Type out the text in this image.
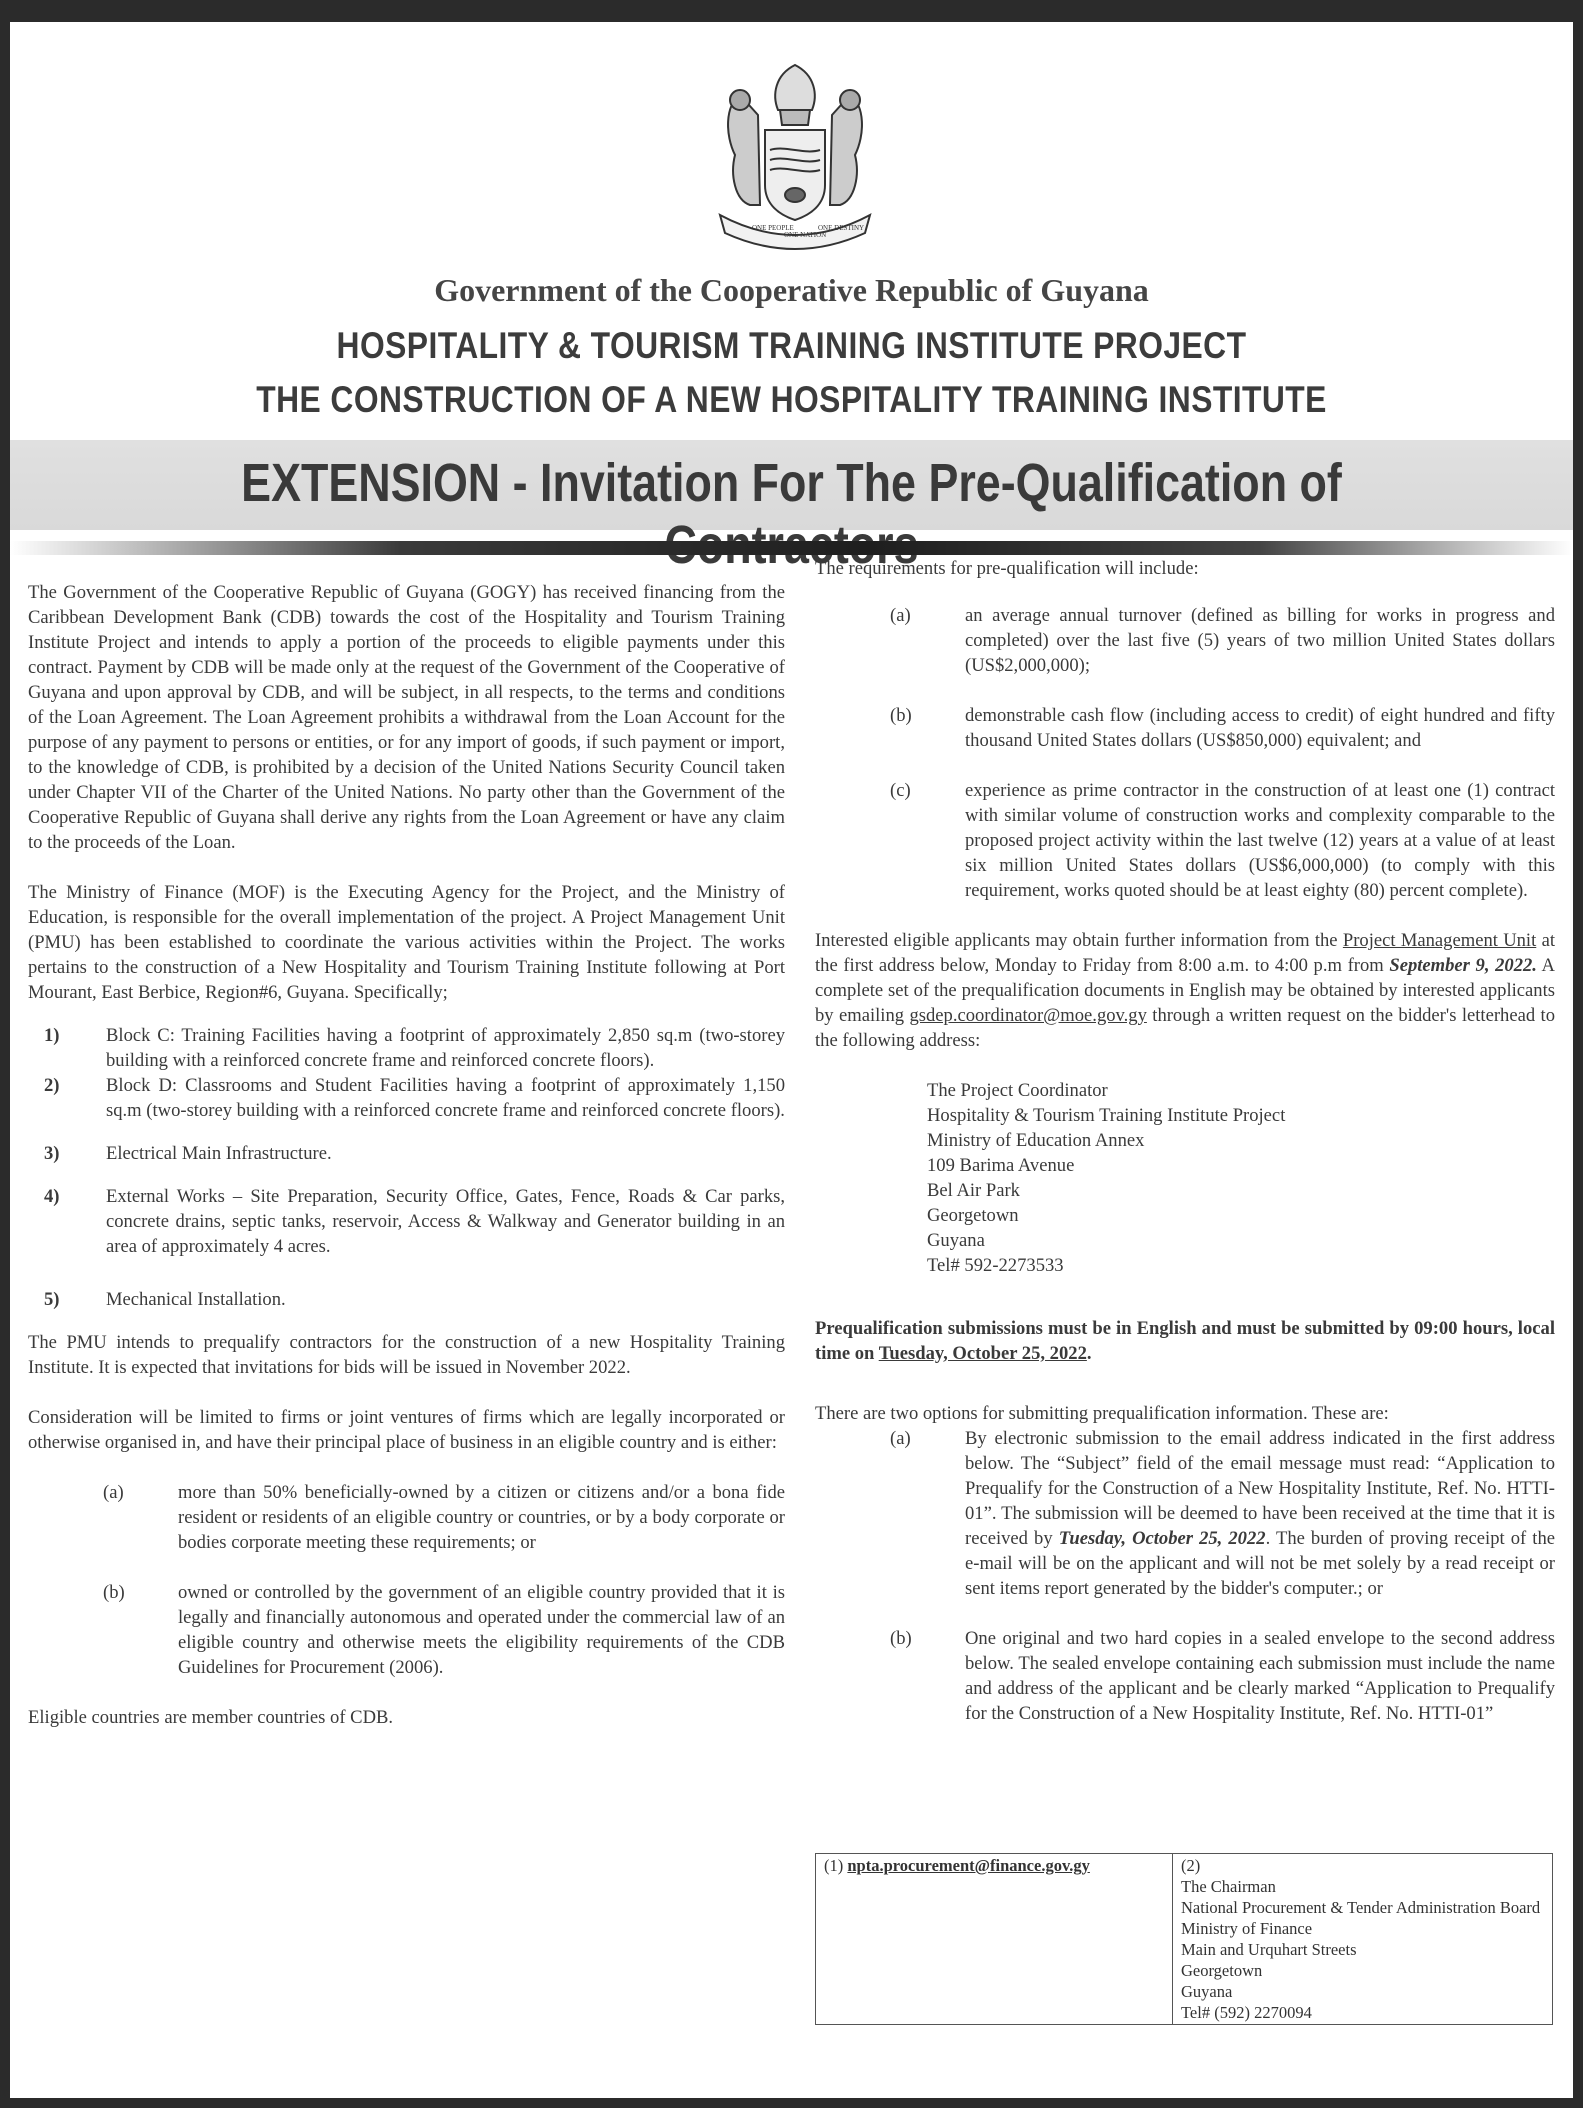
ONE PEOPLE
ONE NATION
ONE DESTINY
Government of the Cooperative Republic of Guyana
HOSPITALITY & TOURISM TRAINING INSTITUTE PROJECT
THE CONSTRUCTION OF A NEW HOSPITALITY TRAINING INSTITUTE
EXTENSION - Invitation For The Pre-Qualification of

The Government of the Cooperative Republic of Guyana (GOGY) has received financing from the Caribbean Development Bank (CDB) towards the cost of the Hospitality and Tourism Training Institute Project and intends to apply a portion of the proceeds to eligible payments under this contract. Payment by CDB will be made only at the request of the Government of the Cooperative of Guyana and upon approval by CDB, and will be subject, in all respects, to the terms and conditions of the Loan Agreement. The Loan Agreement prohibits a withdrawal from the Loan Account for the purpose of any payment to persons or entities, or for any import of goods, if such payment or import, to the knowledge of CDB, is prohibited by a decision of the United Nations Security Council taken under Chapter VII of the Charter of the United Nations. No party other than the Government of the Cooperative Republic of Guyana shall derive any rights from the Loan Agreement or have any claim to the proceeds of the Loan.

The Ministry of Finance (MOF) is the Executing Agency for the Project, and the Ministry of Education, is responsible for the overall implementation of the project. A Project Management Unit (PMU) has been established to coordinate the various activities within the Project. The works pertains to the construction of a New Hospitality and Tourism Training Institute following at Port Mourant, East Berbice, Region#6, Guyana. Specifically;

1)	Block C: Training Facilities having a footprint of approximately 2,850 sq.m (two-storey building with a reinforced concrete frame and reinforced concrete floors).
2)	Block D: Classrooms and Student Facilities having a footprint of approximately 1,150 sq.m (two-storey building with a reinforced concrete frame and reinforced concrete floors).
3)	Electrical Main Infrastructure.
4)	External Works – Site Preparation, Security Office, Gates, Fence, Roads & Car parks, concrete drains, septic tanks, reservoir, Access & Walkway and Generator building in an area of approximately 4 acres.
5)	Mechanical Installation.

The PMU intends to prequalify contractors for the construction of a new Hospitality Training Institute. It is expected that invitations for bids will be issued in November 2022.

Consideration will be limited to firms or joint ventures of firms which are legally incorporated or otherwise organised in, and have their principal place of business in an eligible country and is either:

(a)	more than 50% beneficially-owned by a citizen or citizens and/or a bona fide resident or residents of an eligible country or countries, or by a body corporate or bodies corporate meeting these requirements; or
(b)	owned or controlled by the government of an eligible country provided that it is legally and financially autonomous and operated under the commercial law of an eligible country and otherwise meets the eligibility requirements of the CDB Guidelines for Procurement (2006).

Eligible countries are member countries of CDB.

The requirements for pre-qualification will include:

(a)	an average annual turnover (defined as billing for works in progress and completed) over the last five (5) years of two million United States dollars (US$2,000,000);
(b)	demonstrable cash flow (including access to credit) of eight hundred and fifty thousand United States dollars (US$850,000) equivalent; and
(c)	experience as prime contractor in the construction of at least one (1) contract with similar volume of construction works and complexity comparable to the proposed project activity within the last twelve (12) years at a value of at least six million United States dollars (US$6,000,000) (to comply with this requirement, works quoted should be at least eighty (80) percent complete).

Interested eligible applicants may obtain further information from the Project Management Unit at the first address below, Monday to Friday from 8:00 a.m. to 4:00 p.m from September 9, 2022. A complete set of the prequalification documents in English may be obtained by interested applicants by emailing gsdep.coordinator@moe.gov.gy through a written request on the bidder's letterhead to the following address:

The Project Coordinator
Hospitality & Tourism Training Institute Project
Ministry of Education Annex
109 Barima Avenue
Bel Air Park
Georgetown
Guyana
Tel# 592-2273533

Prequalification submissions must be in English and must be submitted by 09:00 hours, local time on Tuesday, October 25, 2022.

There are two options for submitting prequalification information. These are:

(a)	By electronic submission to the email address indicated in the first address below. The “Subject” field of the email message must read: “Application to Prequalify for the Construction of a New Hospitality Institute, Ref. No. HTTI-01”. The submission will be deemed to have been received at the time that it is received by Tuesday, October 25, 2022. The burden of proving receipt of the e-mail will be on the applicant and will not be met solely by a read receipt or sent items report generated by the bidder's computer.; or
(b)	One original and two hard copies in a sealed envelope to the second address below. The sealed envelope containing each submission must include the name and address of the applicant and be clearly marked “Application to Prequalify for the Construction of a New Hospitality Institute, Ref. No. HTTI-01”
(1) npta.procurement@finance.gov.gy	(2)
The Chairman
National Procurement & Tender Administration Board
Ministry of Finance
Main and Urquhart Streets
Georgetown
Guyana
Tel# (592) 2270094
